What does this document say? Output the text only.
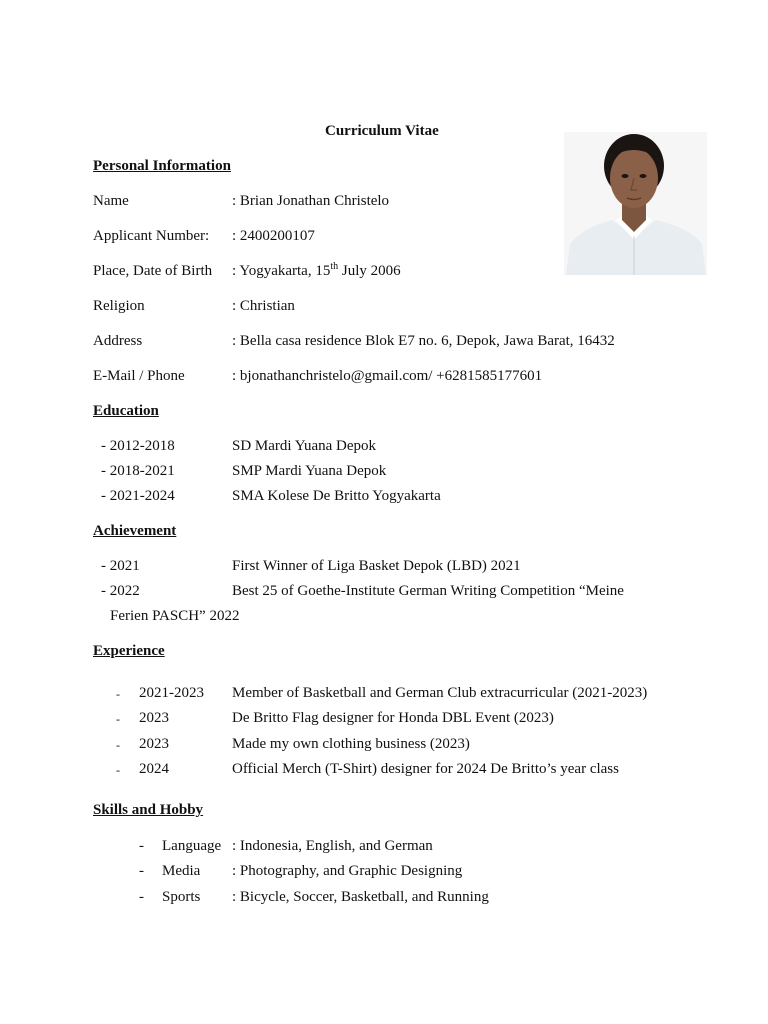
Curriculum Vitae
Personal Information
Name	: Brian Jonathan Christelo
Applicant Number: : 2400200107
Place, Date of Birth : Yogyakarta, 15th July 2006
Religion	: Christian
Address	: Bella casa residence Blok E7 no. 6, Depok, Jawa Barat, 16432
E-Mail / Phone	: bjonathanchristelo@gmail.com/ +6281585177601
Education
- 2012-2018	SD Mardi Yuana Depok
- 2018-2021	SMP Mardi Yuana Depok
- 2021-2024	SMA Kolese De Britto Yogyakarta
Achievement
- 2021	First Winner of Liga Basket Depok (LBD) 2021
- 2022	Best 25 of Goethe-Institute German Writing Competition “Meine
Ferien PASCH” 2022
Experience
- 2021-2023 Member of Basketball and German Club extracurricular (2021-2023)
- 2023	De Britto Flag designer for Honda DBL Event (2023)
- 2023	Made my own clothing business (2023)
- 2024	Official Merch (T-Shirt) designer for 2024 De Britto’s year class
Skills and Hobby
- Language : Indonesia, English, and German
- Media : Photography, and Graphic Designing
- Sports : Bicycle, Soccer, Basketball, and Running
